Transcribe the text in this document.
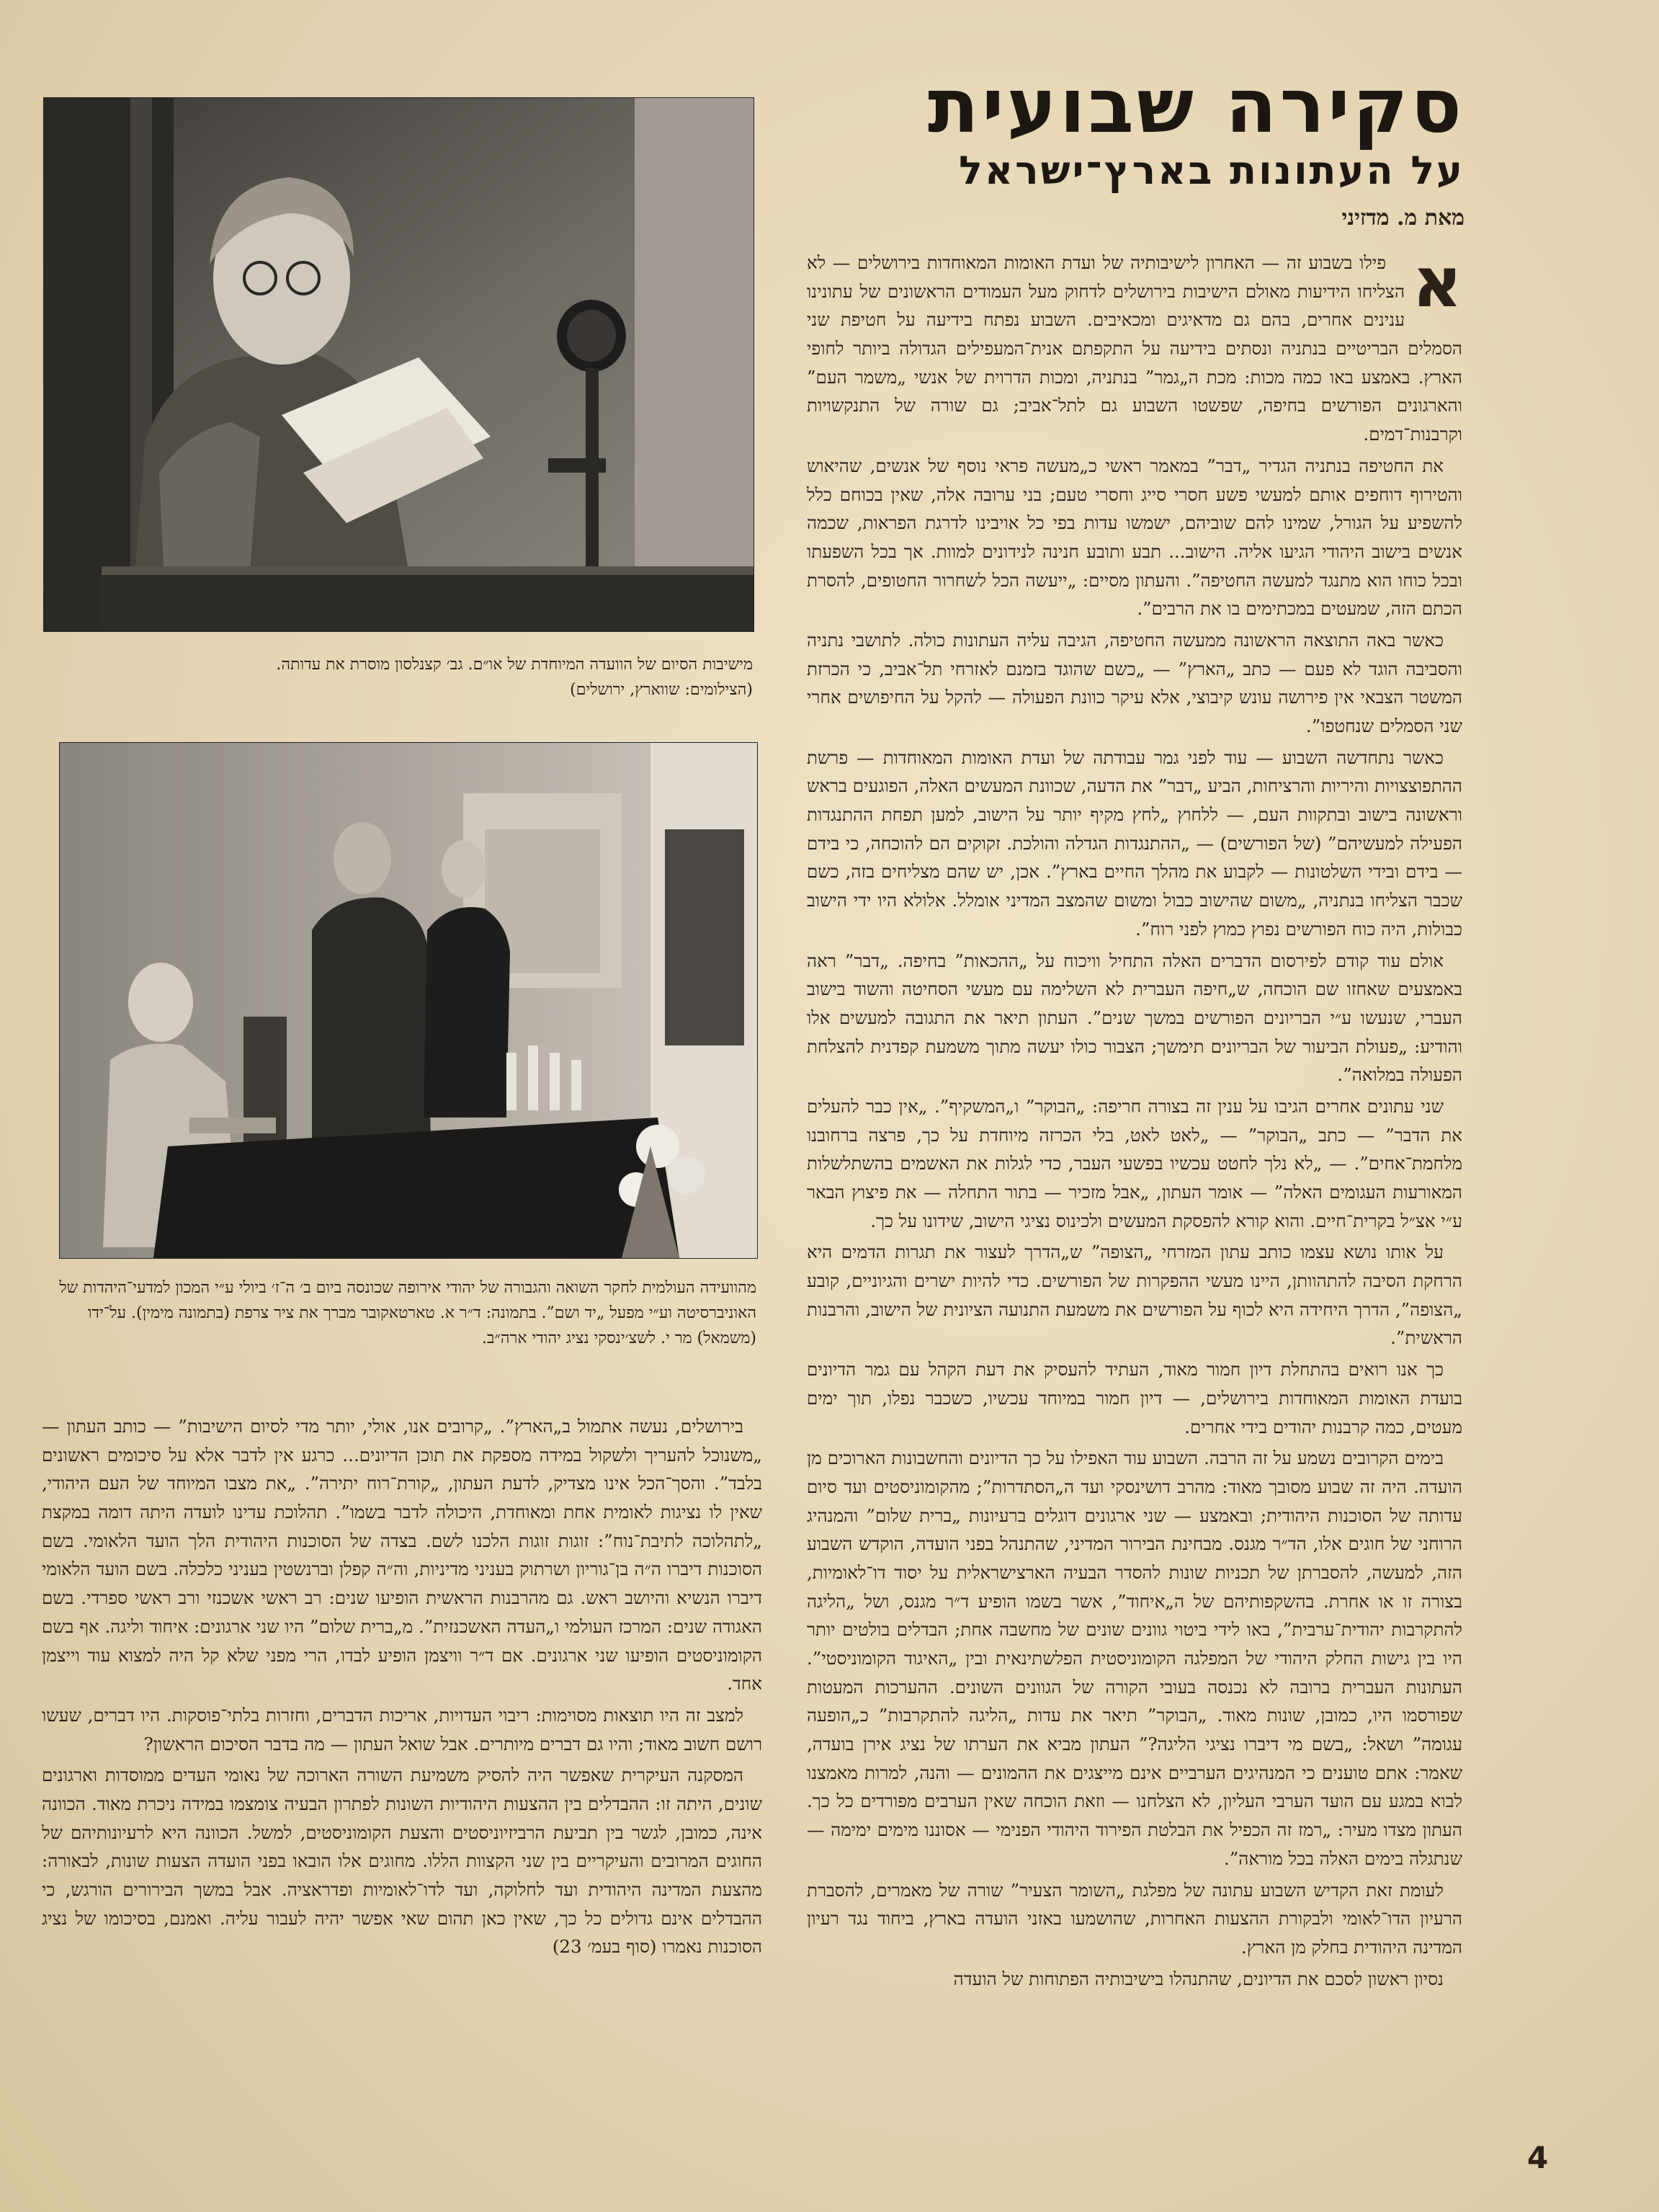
סקירה שבועית
על העתונות בארץ־ישראל
מאת מ. מדזיני
מישיבות הסיום של הוועדה המיוחדת של או״ם. גב׳ קצנלסון מוסרת את עדותה.
(הצילומים: שווארץ, ירושלים)
מהוועידה העולמית לחקר השואה והגבורה של יהודי אירופה שכונסה ביום ב׳ ה־ז׳ ביולי ע״י המכון למדעי־היהדות של האוניברסיטה וע״י מפעל „יד ושם”. בתמונה: ד״ר א. טארטאקובר מברך את ציר צרפת (בתמונה מימין). על־ידו (משמאל) מר י. לשצ׳ינסקי נציג יהודי ארה״ב.
א

פילו בשבוע זה — האחרון לישיבותיה של ועדת האומות המאוחדות בירושלים — לא הצליחו הידיעות מאולם הישיבות בירושלים לדחוק מעל העמודים הראשונים של עתונינו ענינים אחרים, בהם גם מדאיגים ומכאיבים. השבוע נפתח בידיעה על חטיפת שני הסמלים הבריטיים בנתניה ונסתים בידיעה על התקפתם אנית־המעפילים הגדולה ביותר לחופי הארץ. באמצע באו כמה מכות: מכת ה„גמר” בנתניה, ומכות הדרוית של אנשי „משמר העם” והארגונים הפורשים בחיפה, שפשטו השבוע גם לתל־אביב; גם שורה של התנקשויות וקרבנות־דמים.

את החטיפה בנתניה הגדיר „דבר” במאמר ראשי כ„מעשה פראי נוסף של אנשים, שהיאוש והטירוף דוחפים אותם למעשי פשע חסרי סייג וחסרי טעם; בני ערובה אלה, שאין בכוחם כלל להשפיע על הגורל, שמינו להם שוביהם, ישמשו עדות בפי כל אויבינו לדרגת הפראות, שכמה אנשים בישוב היהודי הגיעו אליה. הישוב... תבע ותובע חנינה לנידונים למוות. אך בכל השפעתו ובכל כוחו הוא מתנגד למעשה החטיפה”. והעתון מסיים: „ייעשה הכל לשחרור החטופים, להסרת הכתם הזה, שמעטים במכתימים בו את הרבים”.

כאשר באה התוצאה הראשונה ממעשה החטיפה, הגיבה עליה העתונות כולה. לתושבי נתניה והסביבה הוגד לא פעם — כתב „הארץ” — „כשם שהוגד בזמנם לאזרחי תל־אביב, כי הכרזת המשטר הצבאי אין פירושה עונש קיבוצי, אלא עיקר כוונת הפעולה — להקל על החיפושים אחרי שני הסמלים שנחטפו”.

כאשר נתחדשה השבוע — עוד לפני גמר עבודתה של ועדת האומות המאוחדות — פרשת ההתפוצצויות והיריות והרציחות, הביע „דבר” את הדעה, שכוונת המעשים האלה, הפוגעים בראש וראשונה בישוב ובתקוות העם, — ללחוץ „לחץ מקיף יותר על הישוב, למען תפחת ההתנגדות הפעילה למעשיהם” (של הפורשים) — „ההתנגדות הגדלה והולכת. זקוקים הם להוכחה, כי בידם — בידם ובידי השלטונות — לקבוע את מהלך החיים בארץ”. אכן, יש שהם מצליחים בזה, כשם שכבר הצליחו בנתניה, „משום שהישוב כבול ומשום שהמצב המדיני אומלל. אלולא היו ידי הישוב כבולות, היה כוח הפורשים נפוץ כמוץ לפני רוח”.

אולם עוד קודם לפירסום הדברים האלה התחיל וויכוח על „ההכאות” בחיפה. „דבר” ראה באמצעים שאחזו שם הוכחה, ש„חיפה העברית לא השלימה עם מעשי הסחיטה והשוד בישוב העברי, שנעשו ע״י הבריונים הפורשים במשך שנים”. העתון תיאר את התגובה למעשים אלו והודיע: „פעולת הביעור של הבריונים תימשך; הצבור כולו יעשה מתוך משמעת קפדנית להצלחת הפעולה במלואה”.

שני עתונים אחרים הגיבו על ענין זה בצורה חריפה: „הבוקר” ו„המשקיף”. „אין כבר להעלים את הדבר” — כתב „הבוקר” — „לאט לאט, בלי הכרזה מיוחדת על כך, פרצה ברחובנו מלחמת־אחים”. — „לא נלך לחטט עכשיו בפשעי העבר, כדי לגלות את האשמים בהשתלשלות המאורעות העגומים האלה” — אומר העתון, „אבל מזכיר — בתור התחלה — את פיצוץ הבאר ע״י אצ״ל בקרית־חיים. והוא קורא להפסקת המעשים ולכינוס נציגי הישוב, שידונו על כך.

על אותו נושא עצמו כותב עתון המזרחי „הצופה” ש„הדרך לעצור את תגרות הדמים היא הרחקת הסיבה להתהוותן, היינו מעשי ההפקרות של הפורשים. כדי להיות ישרים והגיוניים, קובע „הצופה”, הדרך היחידה היא לכוף על הפורשים את משמעת התנועה הציונית של הישוב, והרבנות הראשית”.

כך אנו רואים בהתחלת דיון חמור מאוד, העתיד להעסיק את דעת הקהל עם גמר הדיונים בועדת האומות המאוחדות בירושלים, — דיון חמור במיוחד עכשיו, כשכבר נפלו, תוך ימים מעטים, כמה קרבנות יהודים בידי אחרים.

בימים הקרובים נשמע על זה הרבה. השבוע עוד האפילו על כך הדיונים והחשבונות הארוכים מן הועדה. היה זה שבוע מסובך מאוד: מהרב דושינסקי ועד ה„הסתדרות”; מהקומוניסטים ועד סיום עדותה של הסוכנות היהודית; ובאמצע — שני ארגונים דוגלים ברעיונות „ברית שלום” והמנהיג הרוחני של חוגים אלו, הד״ר מגנס. מבחינת הבירור המדיני, שהתנהל בפני הועדה, הוקדש השבוע הזה, למעשה, להסברתן של תכניות שונות להסדר הבעיה הארצישראלית על יסוד דו־לאומיות, בצורה זו או אחרת. בהשקפותיהם של ה„איחוד”, אשר בשמו הופיע ד״ר מגנס, ושל „הליגה להתקרבות יהודית־ערבית”, באו לידי ביטוי גוונים שונים של מחשבה אחת; הבדלים בולטים יותר היו בין גישות החלק היהודי של המפלגה הקומוניסטית הפלשתינאית ובין „האיגוד הקומוניסטי”. העתונות העברית ברובה לא נכנסה בעובי הקורה של הגוונים השונים. ההערכות המעטות שפורסמו היו, כמובן, שונות מאוד. „הבוקר” תיאר את עדות „הליגה להתקרבות” כ„הופעה עגומה” ושאל: „בשם מי דיברו נציגי הליגה?” העתון מביא את הערתו של נציג אירן בועדה, שאמר: אתם טוענים כי המנהיגים הערביים אינם מייצגים את ההמונים — והנה, למרות מאמצנו לבוא במגע עם הועד הערבי העליון, לא הצלחנו — וזאת הוכחה שאין הערבים מפורדים כל כך. העתון מצדו מעיר: „רמז זה הכפיל את הבלטת הפירוד היהודי הפנימי — אסוננו מימים ימימה — שנתגלה בימים האלה בכל מוראה”.

לעומת זאת הקדיש השבוע עתונה של מפלגת „השומר הצעיר” שורה של מאמרים, להסברת הרעיון הדו־לאומי ולבקורת ההצעות האחרות, שהושמעו באזני הועדה בארץ, ביחוד נגד רעיון המדינה היהודית בחלק מן הארץ.

נסיון ראשון לסכם את הדיונים, שהתנהלו בישיבותיה הפתוחות של הועדה

בירושלים, נעשה אתמול ב„הארץ”. „קרובים אנו, אולי, יותר מדי לסיום הישיבות” — כותב העתון — „משנוכל להעריך ולשקול במידה מספקת את תוכן הדיונים... כרגע אין לדבר אלא על סיכומים ראשונים בלבד”. והסך־הכל אינו מצדיק, לדעת העתון, „קורת־רוח יתירה”. „את מצבו המיוחד של העם היהודי, שאין לו נציגות לאומית אחת ומאוחדת, היכולה לדבר בשמו”. תהלוכת עדינו לועדה היתה דומה במקצת „לתהלוכה לתיבת־נוח”: זוגות זוגות הלכנו לשם. בצדה של הסוכנות היהודית הלך הועד הלאומי. בשם הסוכנות דיברו ה״ה בן־גוריון ושרתוק בעניני מדיניות, וה״ה קפלן וברנשטין בעניני כלכלה. בשם הועד הלאומי דיברו הנשיא והיושב ראש. גם מהרבנות הראשית הופיעו שנים: רב ראשי אשכנזי ורב ראשי ספרדי. בשם האגודה שנים: המרכז העולמי ו„העדה האשכנזית”. מ„ברית שלום” היו שני ארגונים: איחוד וליגה. אף בשם הקומוניסטים הופיעו שני ארגונים. אם ד״ר וויצמן הופיע לבדו, הרי מפני שלא קל היה למצוא עוד וייצמן אחד.

למצב זה היו תוצאות מסוימות: ריבוי העדויות, אריכות הדברים, וחזרות בלתי־פוסקות. היו דברים, שעשו רושם חשוב מאוד; והיו גם דברים מיותרים. אבל שואל העתון — מה בדבר הסיכום הראשון?

המסקנה העיקרית שאפשר היה להסיק משמיעת השורה הארוכה של נאומי העדים ממוסדות וארגונים שונים, היתה זו: ההבדלים בין ההצעות היהודיות השונות לפתרון הבעיה צומצמו במידה ניכרת מאוד. הכוונה אינה, כמובן, לגשר בין תביעת הרביזיוניסטים והצעת הקומוניסטים, למשל. הכוונה היא לרעיונותיהם של החוגים המרובים והעיקריים בין שני הקצוות הללו. מחוגים אלו הובאו בפני הועדה הצעות שונות, לבאורה: מהצעת המדינה היהודית ועד לחלוקה, ועד לדו־לאומיות ופדראציה. אבל במשך הבירורים הורגש, כי ההבדלים אינם גדולים כל כך, שאין כאן תהום שאי אפשר יהיה לעבור עליה. ואמנם, בסיכומו של נציג הסוכנות נאמרו (סוף בעמ׳ 23)

4
